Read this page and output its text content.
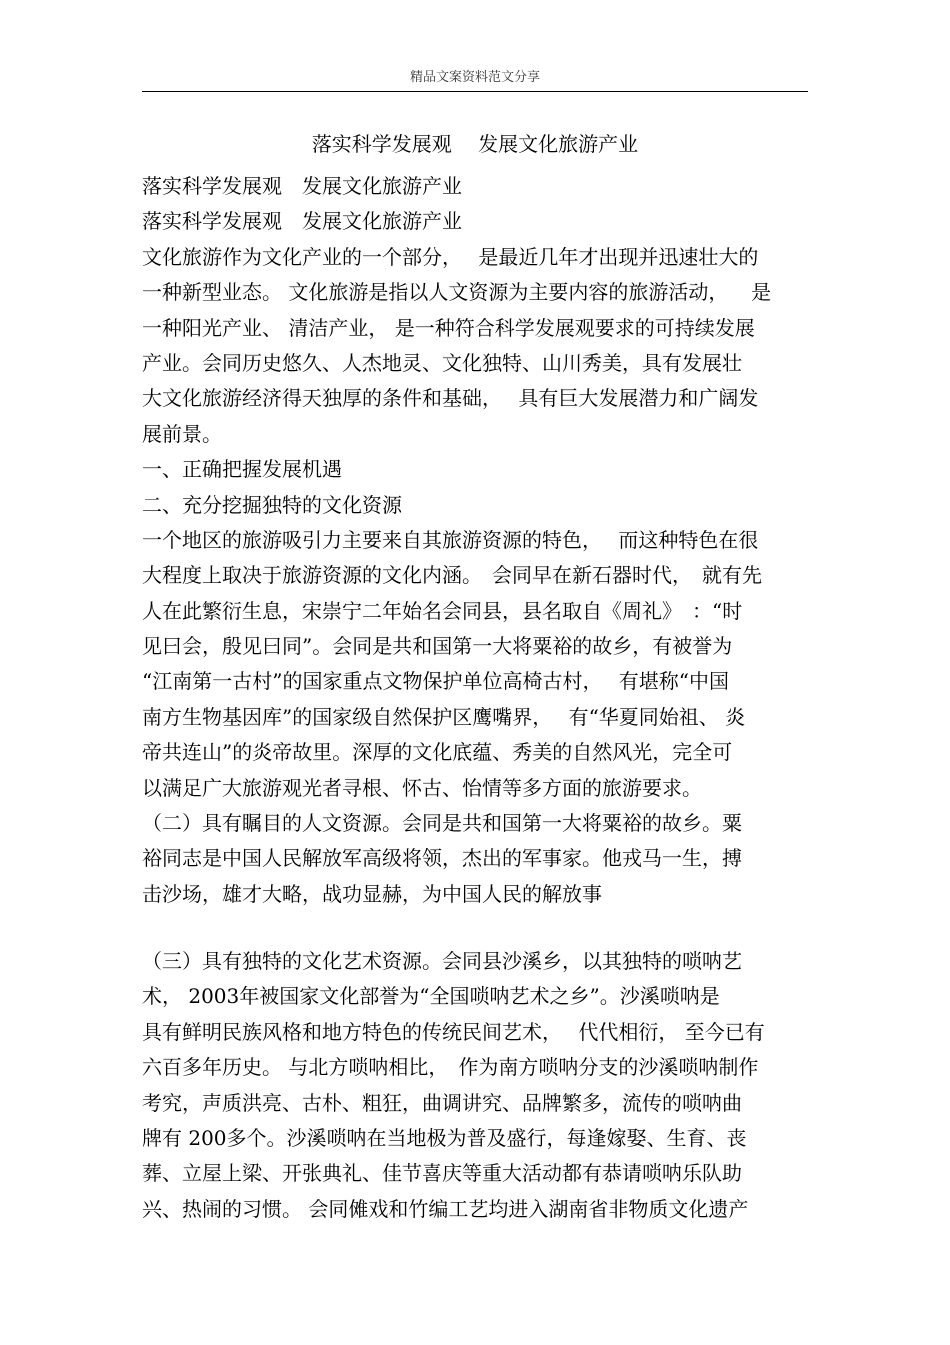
精品文案资料范文分享
落实科学发展观　 发展文化旅游产业
落实科学发展观　发展文化旅游产业
落实科学发展观　发展文化旅游产业
文化旅游作为文化产业的一个部分，　 是最近几年才出现并迅速壮大的
一种新型业态。 文化旅游是指以人文资源为主要内容的旅游活动，　  是
一种阳光产业、 清洁产业， 是一种符合科学发展观要求的可持续发展
产业。会同历史悠久、人杰地灵、文化独特、山川秀美，具有发展壮
大文化旅游经济得天独厚的条件和基础，　 具有巨大发展潜力和广阔发
展前景。
一、正确把握发展机遇
二、充分挖掘独特的文化资源
一个地区的旅游吸引力主要来自其旅游资源的特色，　 而这种特色在很
大程度上取决于旅游资源的文化内涵。　会同早在新石器时代，　就有先
人在此繁衍生息，宋崇宁二年始名会同县，县名取自《周礼》　：“时
见曰会，殷见曰同”。会同是共和国第一大将粟裕的故乡，有被誉为
“江南第一古村”的国家重点文物保护单位高椅古村，　 有堪称“中国
南方生物基因库”的国家级自然保护区鹰嘴界，　 有“华夏同始祖、 炎
帝共连山”的炎帝故里。深厚的文化底蕴、秀美的自然风光，完全可
以满足广大旅游观光者寻根、怀古、怡情等多方面的旅游要求。
（二）具有瞩目的人文资源。会同是共和国第一大将粟裕的故乡。粟
裕同志是中国人民解放军高级将领，杰出的军事家。他戎马一生，搏
击沙场，雄才大略，战功显赫，为中国人民的解放事
（三）具有独特的文化艺术资源。会同县沙溪乡，以其独特的唢呐艺
术， 2003年被国家文化部誉为“全国唢呐艺术之乡”。沙溪唢呐是
具有鲜明民族风格和地方特色的传统民间艺术，　 代代相衍， 至今已有
六百多年历史。 与北方唢呐相比，　作为南方唢呐分支的沙溪唢呐制作
考究，声质洪亮、古朴、粗狂，曲调讲究、品牌繁多，流传的唢呐曲
牌有 200多个。沙溪唢呐在当地极为普及盛行，每逢嫁娶、生育、丧
葬、立屋上梁、开张典礼、佳节喜庆等重大活动都有恭请唢呐乐队助
兴、热闹的习惯。 会同傩戏和竹编工艺均进入湖南省非物质文化遗产
